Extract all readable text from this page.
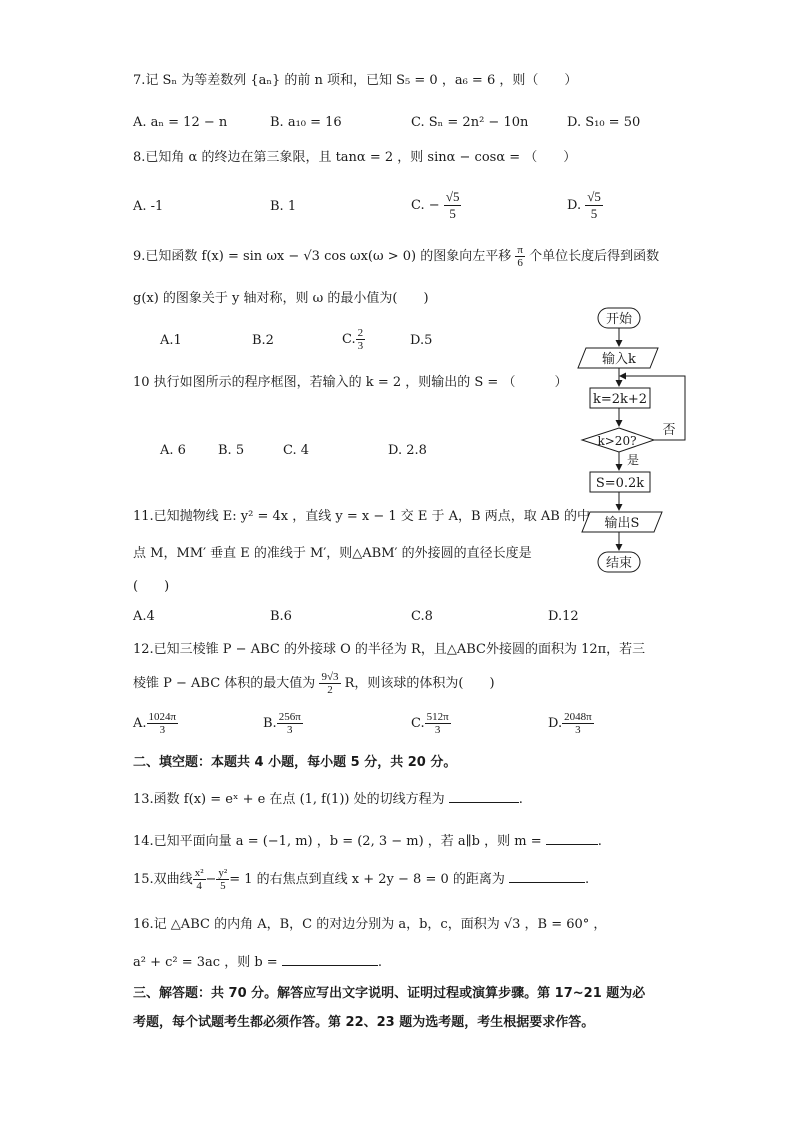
7.记 Sₙ 为等差数列 {aₙ} 的前 n 项和，已知 S₅ = 0 ，a₆ = 6 ，则（　　）
A. aₙ = 12 − n	B. a₁₀ = 16	C. Sₙ = 2n² − 10n	D. S₁₀ = 50
8.已知角 α 的终边在第三象限，且 tanα = 2 ，则 sinα − cosα = （　　）
A. -1	B. 1	C. − $\frac{√5}{5}$	D. $\frac{√5}{5}$
9.已知函数 f(x) = sin ωx − √3 cos ωx(ω > 0) 的图象向左平移 $\frac{\pi}{6}$ 个单位长度后得到函数
g(x) 的图象关于 y 轴对称，则 ω 的最小值为(　　)
A.1	B.2	C. $\frac{2}{3}$	D.5
10 执行如图所示的程序框图，若输入的 k = 2 ，则输出的 S = （　　　）
A. 6 B. 5	C. 4	D. 2.8
开始
输入k
k=2k+2
k>20?
否
是
S=0.2k
输出S
结束
11.已知抛物线 E: y² = 4x ，直线 y = x − 1 交 E 于 A，B 两点，取 AB 的中
点 M，MM′ 垂直 E 的准线于 M′，则△ABM′ 的外接圆的直径长度是
(　　)
A.4	B.6	C.8	D.12
12.已知三棱锥 P − ABC 的外接球 O 的半径为 R，且△ABC外接圆的面积为 12π，若三
棱锥 P − ABC 体积的最大值为 $\frac{9√3}{2}$ R，则该球的体积为(　　)
A. $\frac{1024\pi}{3}$	B. $\frac{256\pi}{3}$	C. $\frac{512\pi}{3}$	D. $\frac{2048\pi}{3}$
二、填空题：本题共 4 小题，每小题 5 分，共 20 分。
13.函数 f(x) = eˣ + e 在点 (1, f(1)) 处的切线方程为	.
14.已知平面向量 a = (−1, m) ，b = (2, 3 − m) ，若 a∥b ，则 m =	.
15.双曲线 $\frac{\text{x²}}{4} - \frac{\text{y²}}{5} = 1$ 的右焦点到直线 x + 2y − 8 = 0 的距离为	.
16.记 △ABC 的内角 A，B，C 的对边分别为 a，b，c，面积为 √3 ，B = 60° ，
a² + c² = 3ac ，则 b =	.
三、解答题：共 70 分。解答应写出文字说明、证明过程或演算步骤。第 17~21 题为必
考题，每个试题考生都必须作答。第 22、23 题为选考题，考生根据要求作答。
